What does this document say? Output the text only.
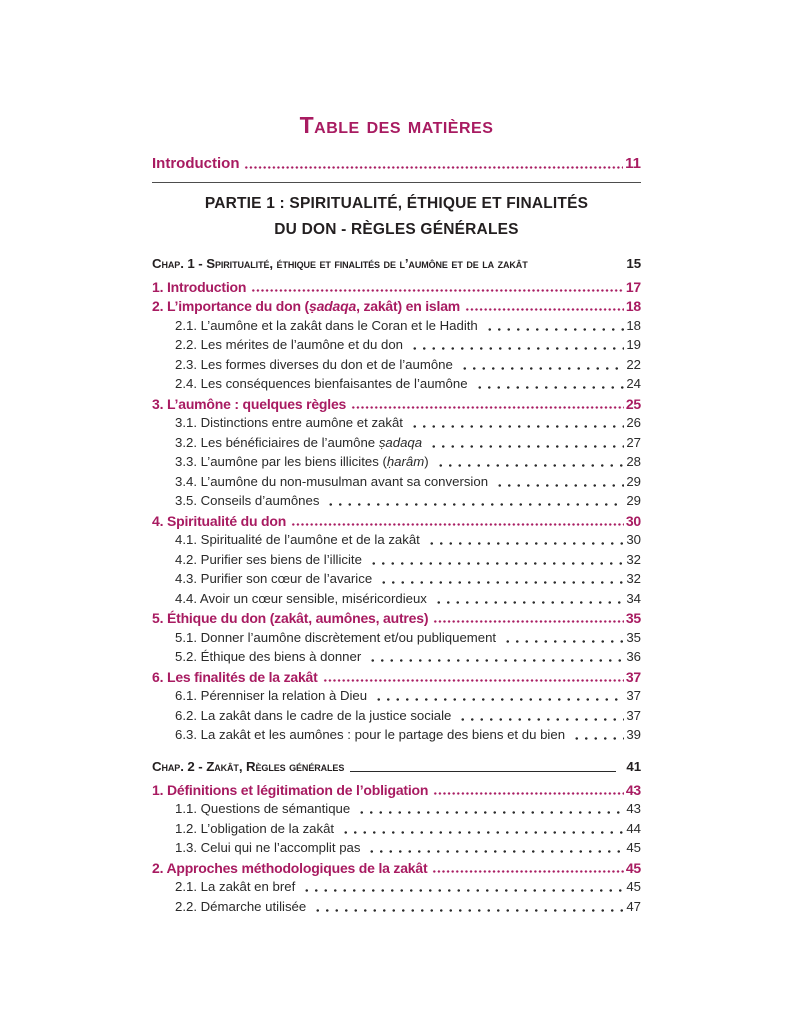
Table des matières
Introduction	11
PARTIE 1 : SPIRITUALITÉ, ÉTHIQUE ET FINALITÉS
DU DON - RÈGLES GÉNÉRALES
Chap. 1 - Spiritualité, éthique et finalités de l’aumône et de la zakât	15
1. Introduction	17
2. L’importance du don (ṣadaqa, zakât) en islam	18
2.1. L’aumône et la zakât dans le Coran et le Hadith	18
2.2. Les mérites de l’aumône et du don	19
2.3. Les formes diverses du don et de l’aumône	22
2.4. Les conséquences bienfaisantes de l’aumône	24
3. L’aumône : quelques règles	25
3.1. Distinctions entre aumône et zakât	26
3.2. Les bénéficiaires de l’aumône ṣadaqa	27
3.3. L’aumône par les biens illicites (ḥarâm)	28
3.4. L’aumône du non-musulman avant sa conversion	29
3.5. Conseils d’aumônes	29
4. Spiritualité du don	30
4.1. Spiritualité de l’aumône et de la zakât	30
4.2. Purifier ses biens de l’illicite	32
4.3. Purifier son cœur de l’avarice	32
4.4. Avoir un cœur sensible, miséricordieux	34
5. Éthique du don (zakât, aumônes, autres)	35
5.1. Donner l’aumône discrètement et/ou publiquement	35
5.2. Éthique des biens à donner	36
6. Les finalités de la zakât	37
6.1. Pérenniser la relation à Dieu	37
6.2. La zakât dans le cadre de la justice sociale	37
6.3. La zakât et les aumônes : pour le partage des biens et du bien	39
Chap. 2 - Zakât, Règles générales	41
1. Définitions et légitimation de l’obligation	43
1.1. Questions de sémantique	43
1.2. L’obligation de la zakât	44
1.3. Celui qui ne l’accomplit pas	45
2. Approches méthodologiques de la zakât	45
2.1. La zakât en bref	45
2.2. Démarche utilisée	47
